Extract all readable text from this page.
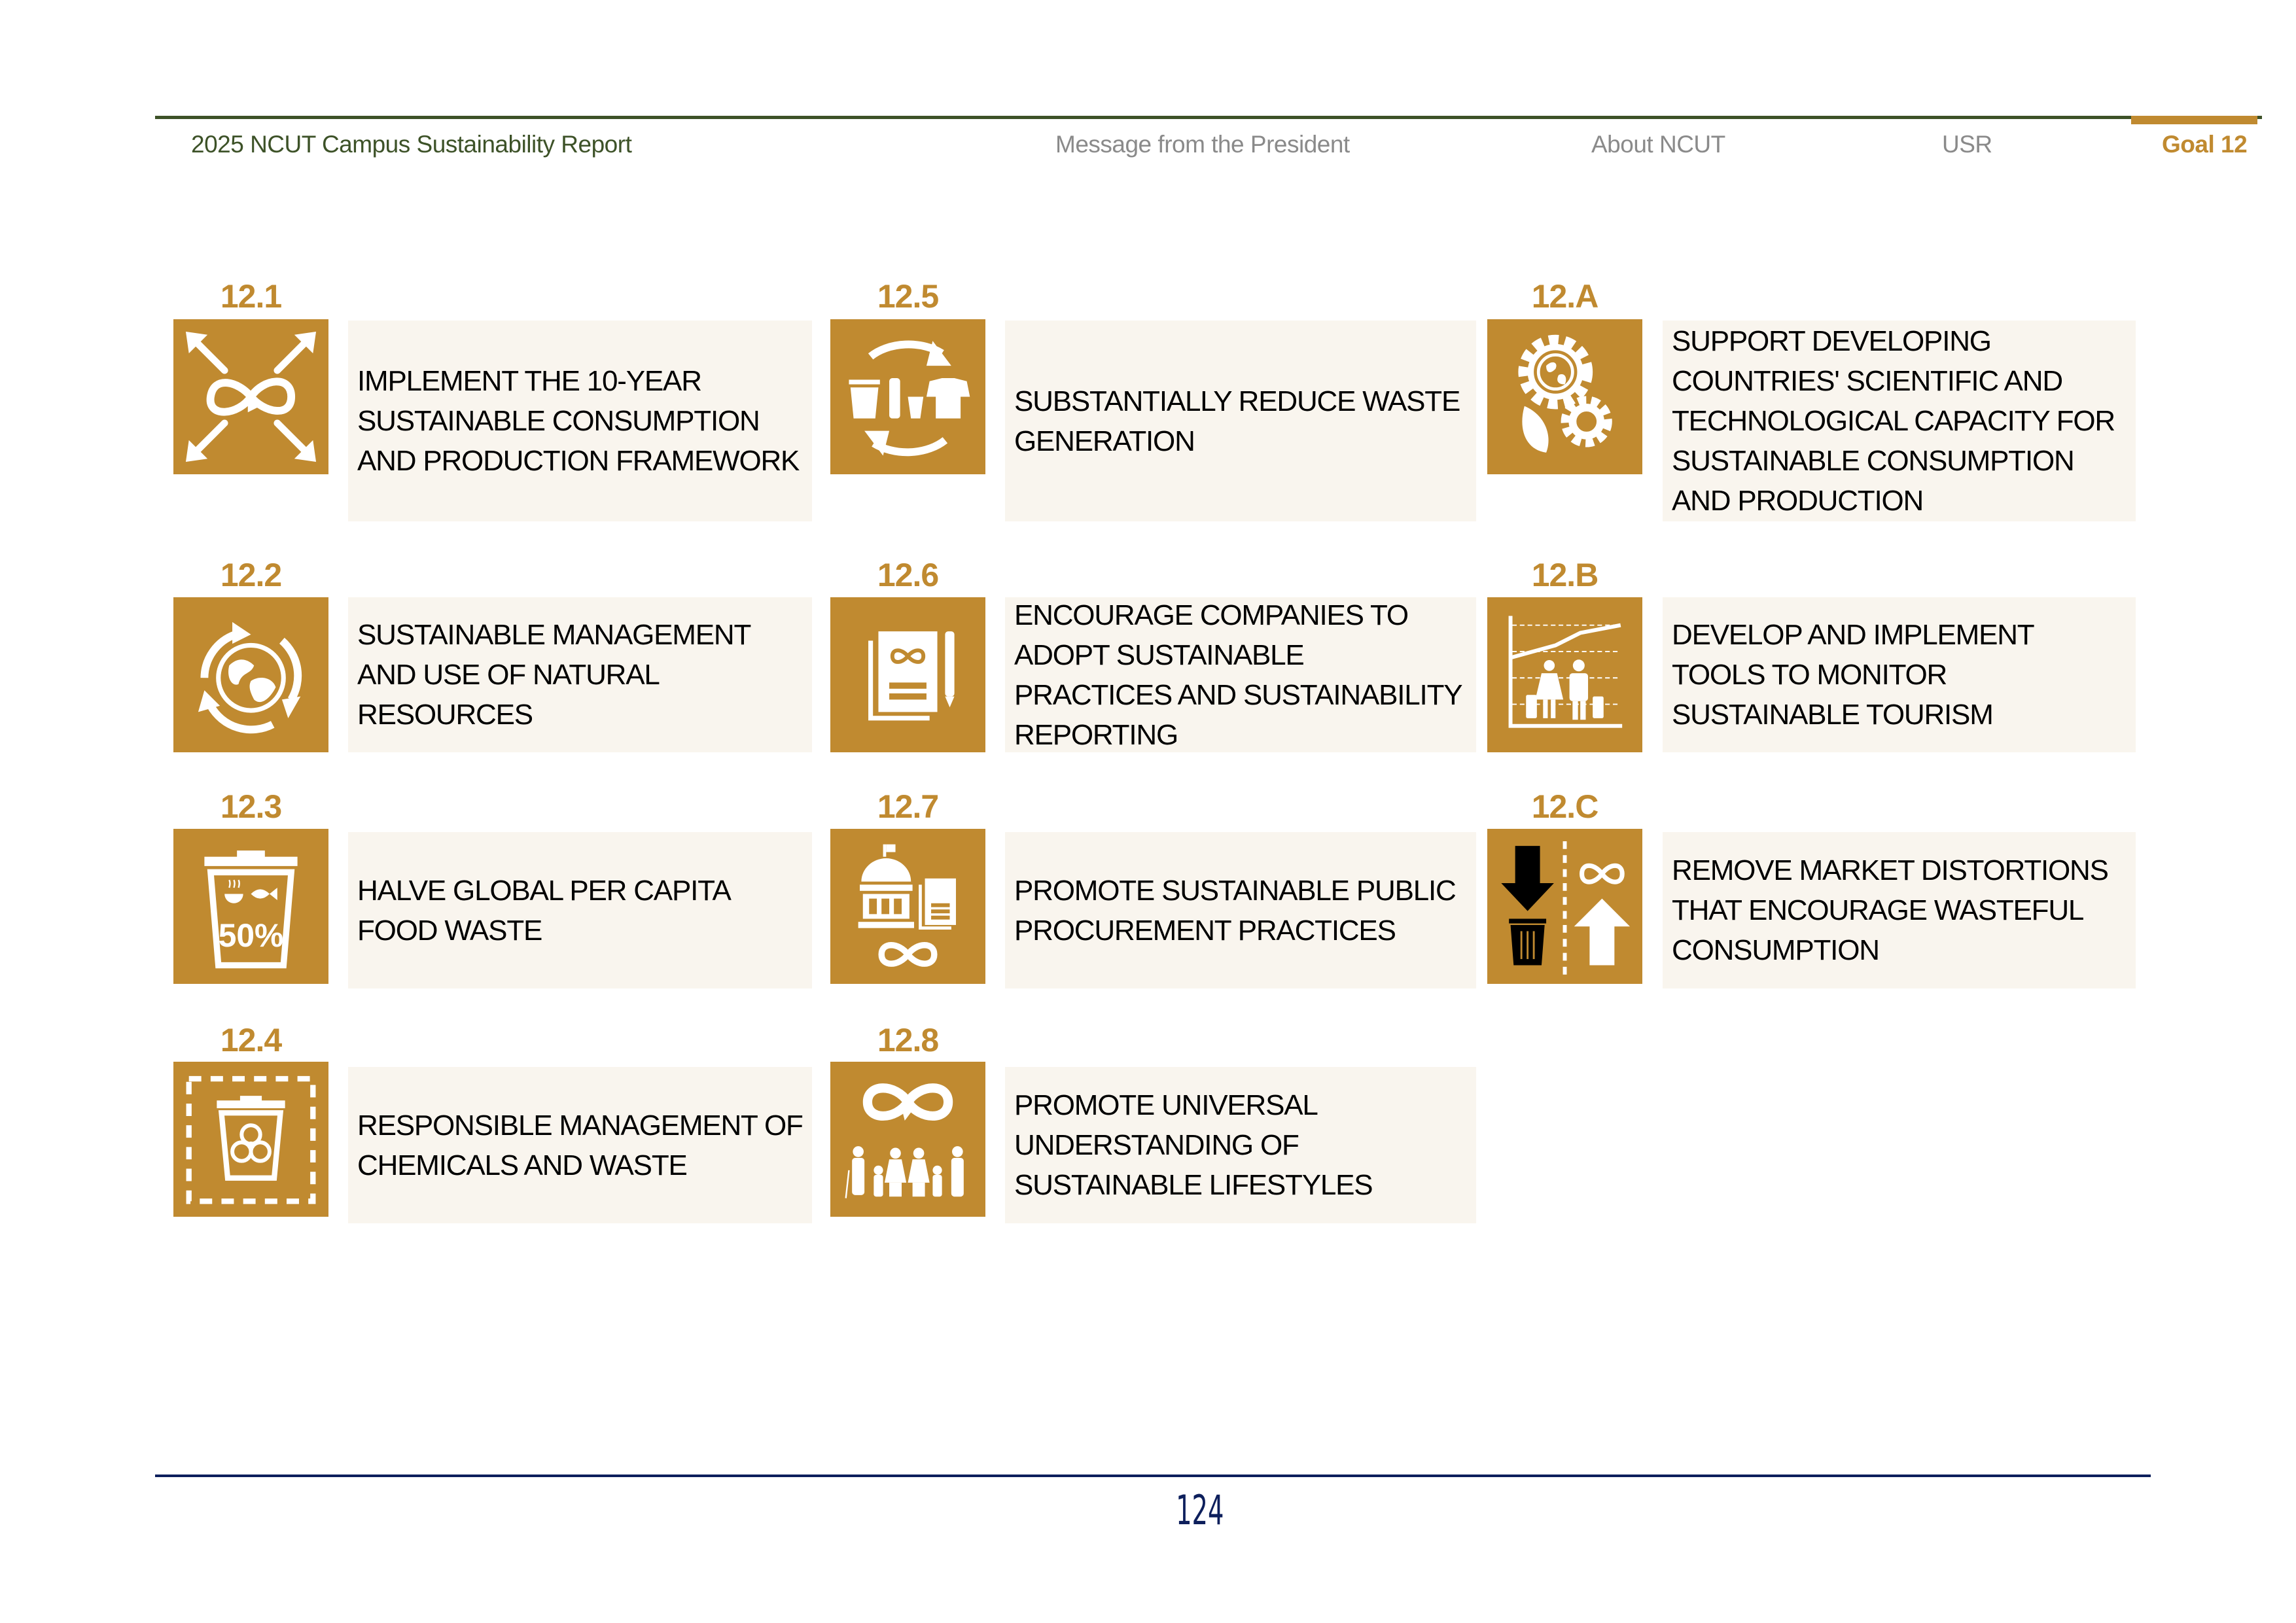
2025 NCUT Campus Sustainability Report	Message from the President	About NCUT	USR	Goal 12
12.1
IMPLEMENT THE 10-YEAR SUSTAINABLE CONSUMPTION AND PRODUCTION FRAMEWORK
12.2
SUSTAINABLE MANAGEMENT AND USE OF NATURAL RESOURCES
12.3
50%
HALVE GLOBAL PER CAPITA FOOD WASTE
12.4
RESPONSIBLE MANAGEMENT OF CHEMICALS AND WASTE
12.5
SUBSTANTIALLY REDUCE WASTE GENERATION
12.6
ENCOURAGE COMPANIES TO ADOPT SUSTAINABLE PRACTICES AND SUSTAINABILITY REPORTING
12.7
PROMOTE SUSTAINABLE PUBLIC PROCUREMENT PRACTICES
12.8
PROMOTE UNIVERSAL UNDERSTANDING OF SUSTAINABLE LIFESTYLES
12.A
SUPPORT DEVELOPING COUNTRIES' SCIENTIFIC AND TECHNOLOGICAL CAPACITY FOR SUSTAINABLE CONSUMPTION AND PRODUCTION
12.B
DEVELOP AND IMPLEMENT TOOLS TO MONITOR SUSTAINABLE TOURISM
12.C
REMOVE MARKET DISTORTIONS THAT ENCOURAGE WASTEFUL CONSUMPTION
124
